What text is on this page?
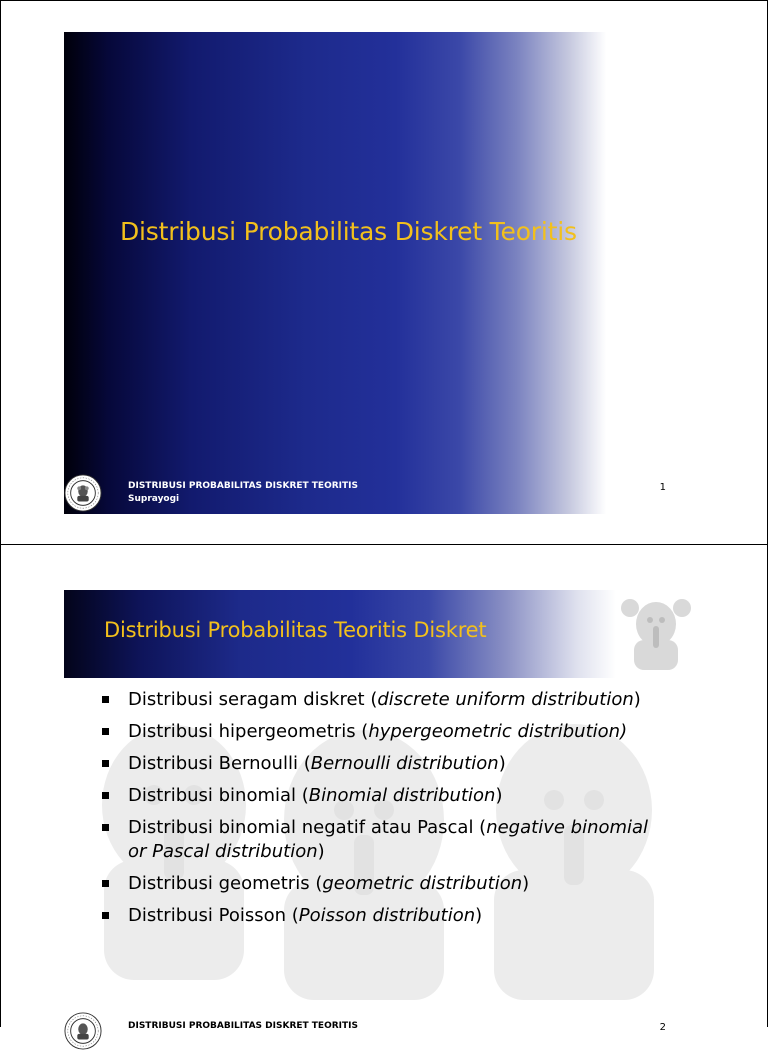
Distribusi Probabilitas Diskret Teoritis
DISTRIBUSI PROBABILITAS DISKRET TEORITIS
Suprayogi
1
Distribusi Probabilitas Teoritis Diskret
Distribusi seragam diskret (discrete uniform distribution)
Distribusi hipergeometris (hypergeometric distribution)
Distribusi Bernoulli (Bernoulli distribution)
Distribusi binomial (Binomial distribution)
Distribusi binomial negatif atau Pascal (negative binomial or Pascal distribution)
Distribusi geometris (geometric distribution)
Distribusi Poisson (Poisson distribution)
DISTRIBUSI PROBABILITAS DISKRET TEORITIS	2
